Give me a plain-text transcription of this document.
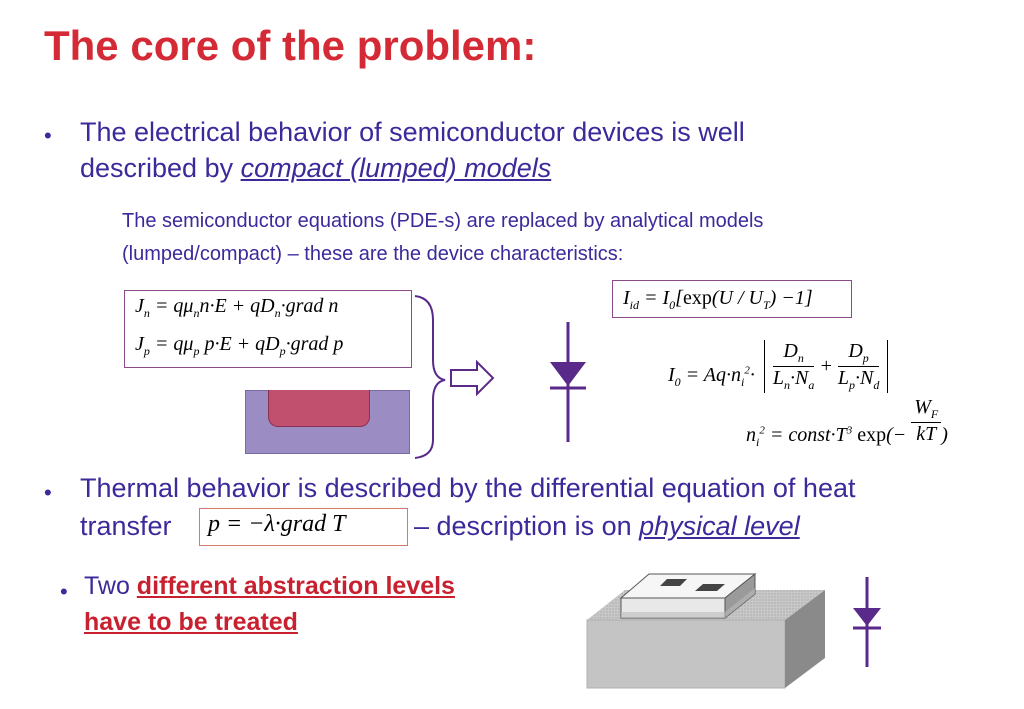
The core of the problem:
• The electrical behavior of semiconductor devices is well
described by compact (lumped) models
The semiconductor equations (PDE-s) are replaced by analytical models
(lumped/compact) – these are the device characteristics:
$J_n = q\mu_nn\cdot E$ + $qD_n\cdot grad$ n
$J_p = q\mu_p$ $p\cdot E + qD_p\cdot grad$ p
$I_{id} = I_0[\exp(U / U_T) -1]$
$I_0 = Aq\cdot n_i^2\cdot \frac{D_n}{L_n\cdot N_a} + \frac{D_p}{L_p\cdot N_d}$
$n_i^2$ = $const\cdot T^3$ $\exp(- \frac{W_F}{kT}$ )
• Thermal behavior is described by the differential equation of heat
transfer p = −λ·grad T	– description is on physical level
• Two different abstraction levels
have to be treated
